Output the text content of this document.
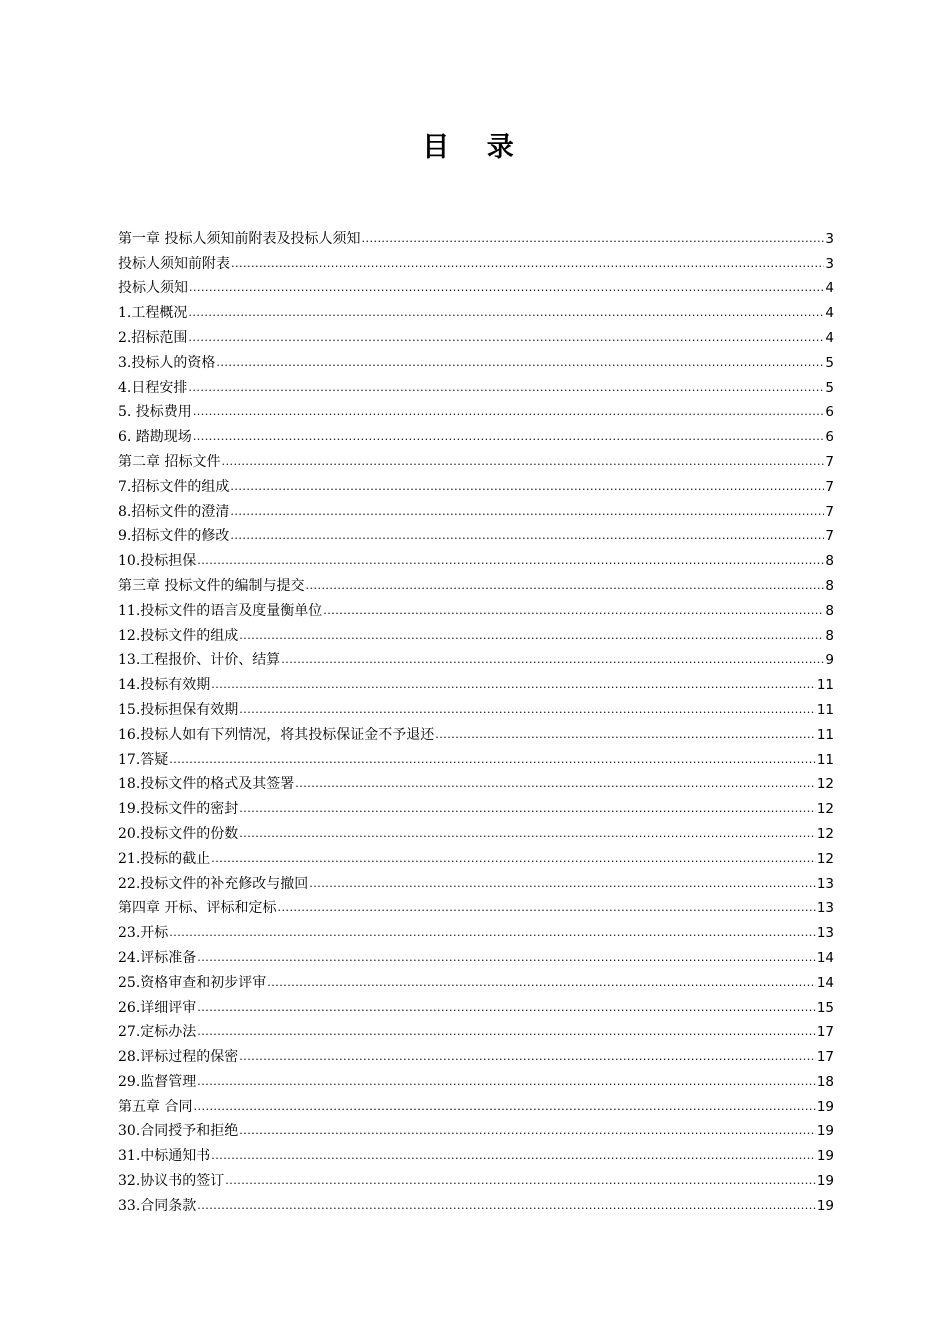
目 录
第一章 投标人须知前附表及投标人须知 .....	3
投标人须知前附表 .....	3
投标人须知 .....	4
1.工程概况 .....	4
2.招标范围 .....	4
3.投标人的资格 .....	5
4.日程安排 .....	5
5. 投标费用 .....	6
6. 踏勘现场 .....	6
第二章 招标文件 .....	7
7.招标文件的组成 .....	7
8.招标文件的澄清 .....	7
9.招标文件的修改 .....	7
10.投标担保 .....	8
第三章 投标文件的编制与提交 .....	8
11.投标文件的语言及度量衡单位 .....	8
12.投标文件的组成 .....	8
13.工程报价、计价、结算 .....	9
14.投标有效期 .....	11
15.投标担保有效期 .....	11
16.投标人如有下列情况，将其投标保证金不予退还 .....	11
17.答疑 .....	11
18.投标文件的格式及其签署 .....	12
19.投标文件的密封 .....	12
20.投标文件的份数 .....	12
21.投标的截止 .....	12
22.投标文件的补充修改与撤回 .....	13
第四章 开标、评标和定标 .....	13
23.开标 .....	13
24.评标准备 .....	14
25.资格审查和初步评审 .....	14
26.详细评审 .....	15
27.定标办法 .....	17
28.评标过程的保密 .....	17
29.监督管理 .....	18
第五章 合同 .....	19
30.合同授予和拒绝 .....	19
31.中标通知书 .....	19
32.协议书的签订 .....	19
33.合同条款 .....	19
